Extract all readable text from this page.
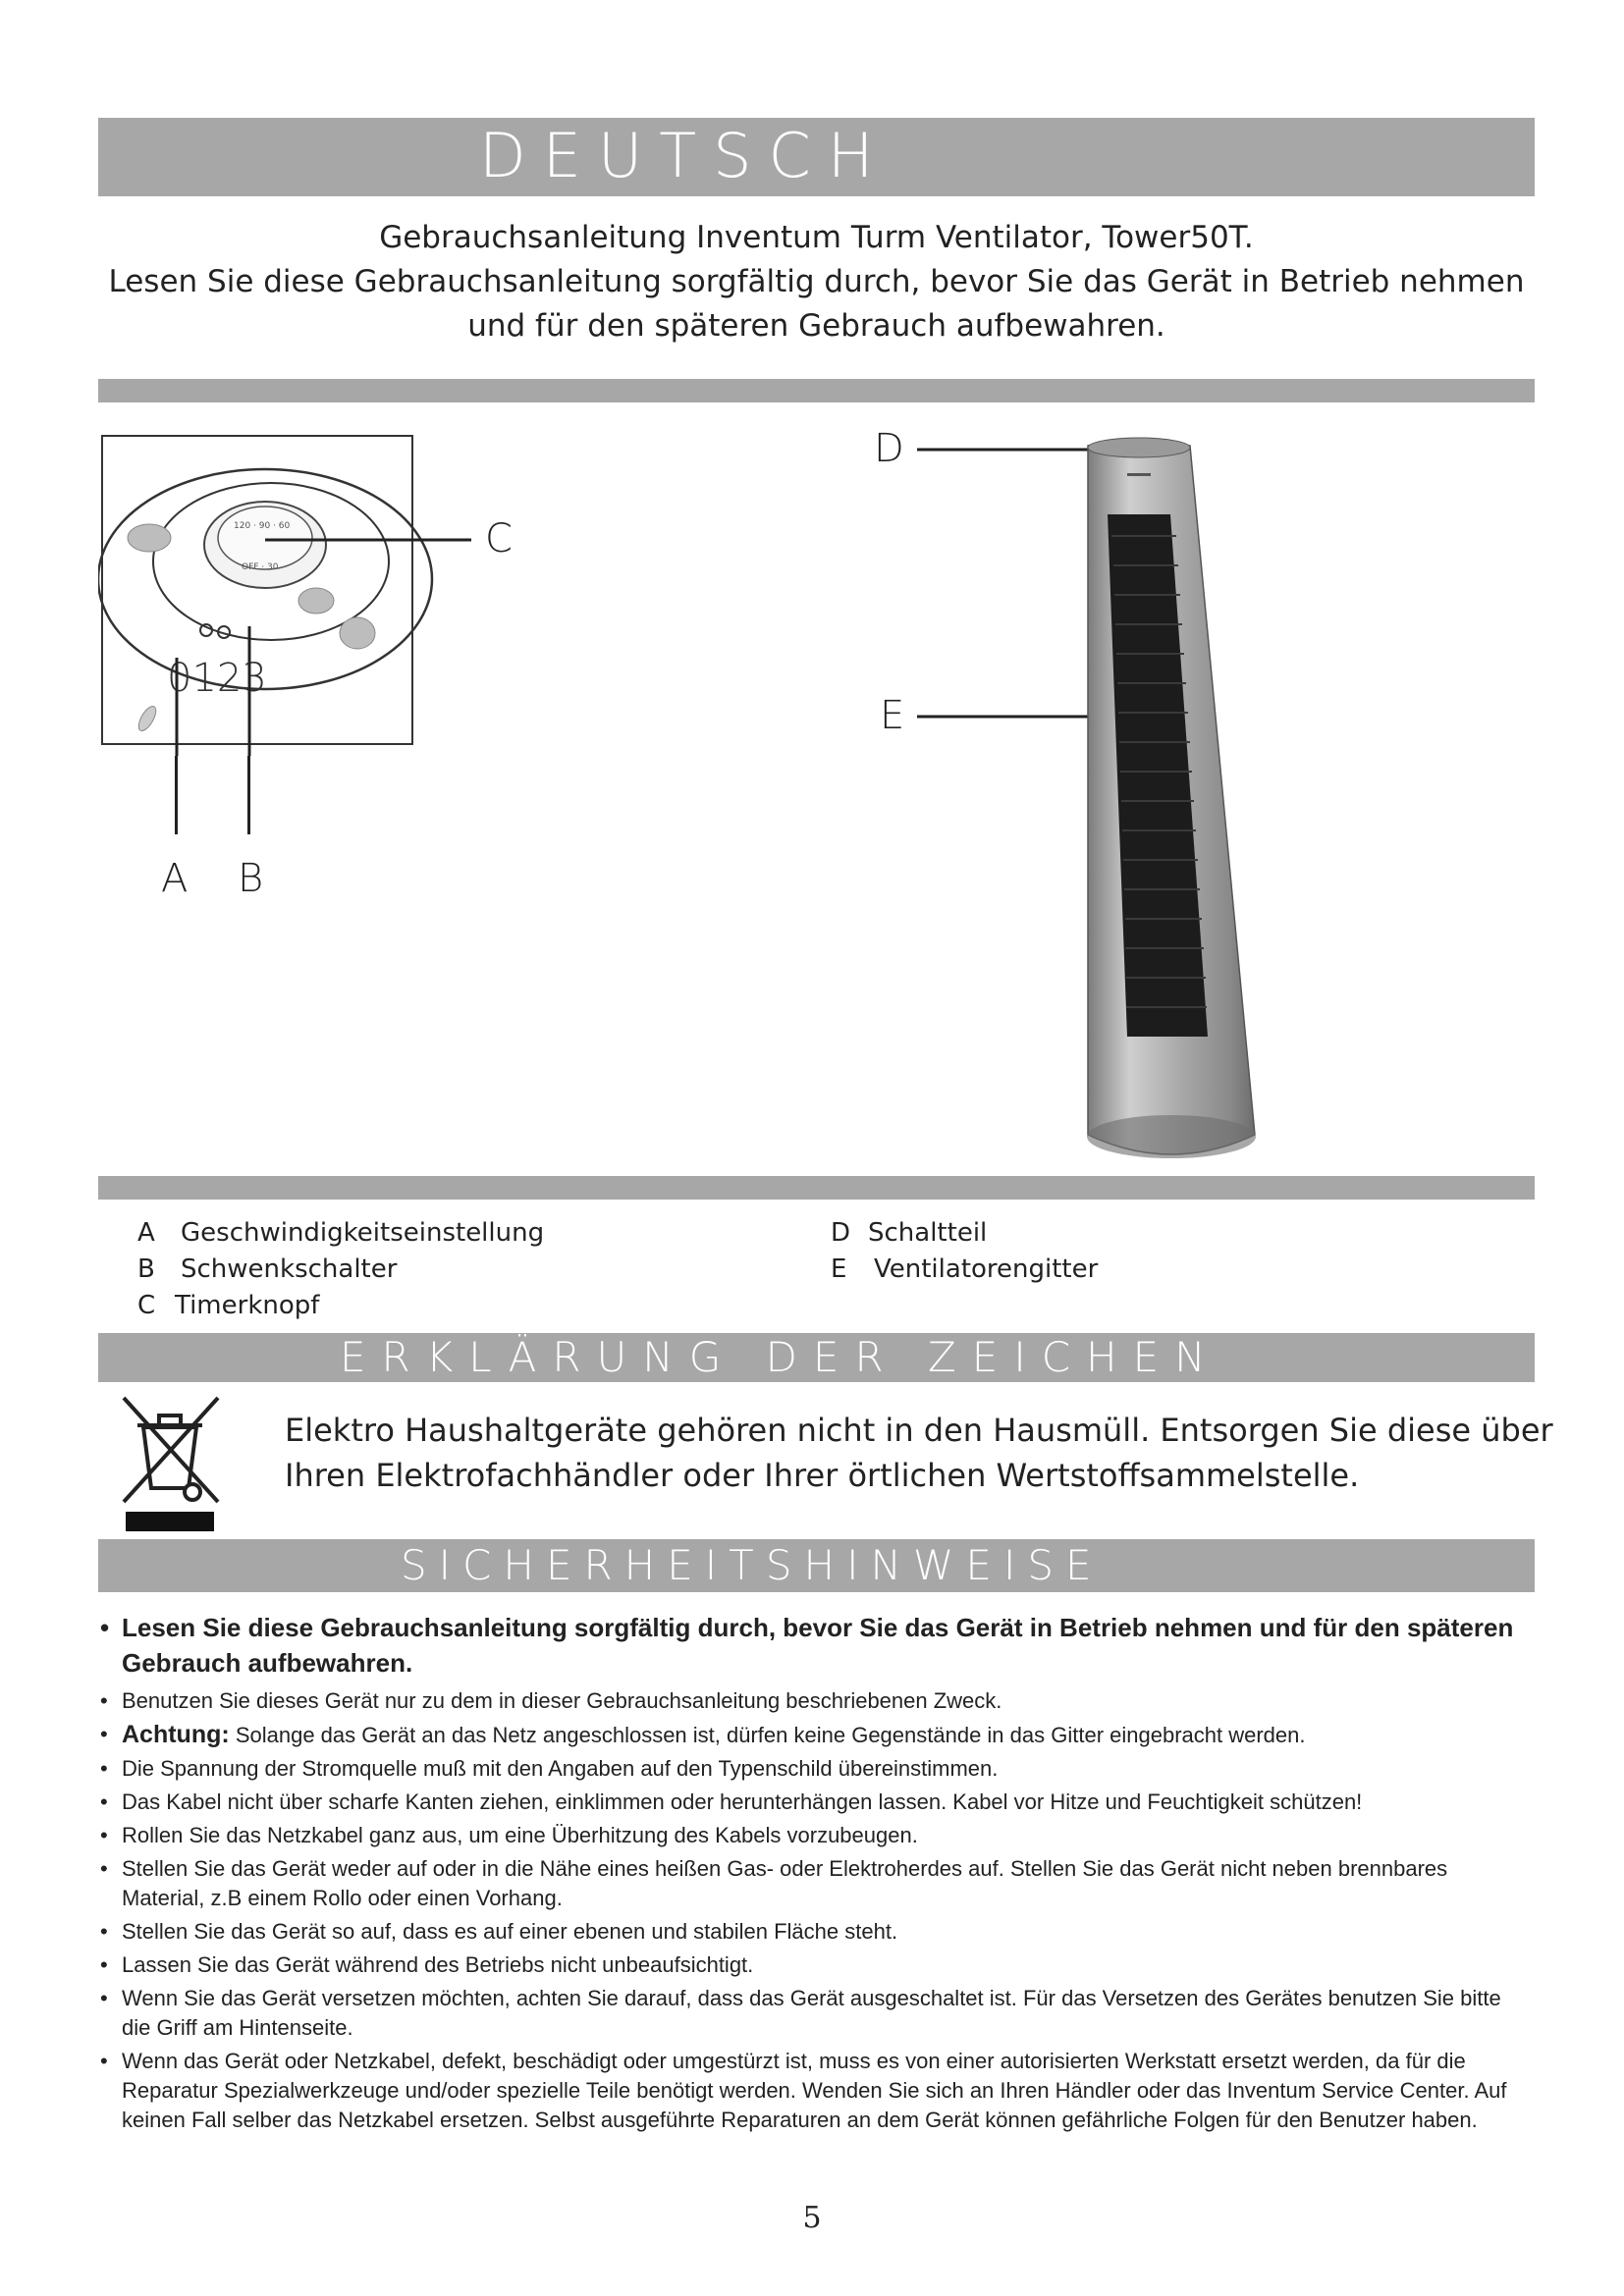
DEUTSCH
Gebrauchsanleitung Inventum Turm Ventilator, Tower50T.
Lesen Sie diese Gebrauchsanleitung sorgfältig durch, bevor Sie das Gerät in Betrieb nehmen
und für den späteren Gebrauch aufbewahren.
120 · 90 · 60
OFF · 30
0123
C
A B
D
E
A	Geschwindigkeitseinstellung
B	Schwenkschalter
C Timerknopf
D Schaltteil
E	Ventilatorengitter
ERKLÄRUNG DER ZEICHEN
Elektro Haushaltgeräte gehören nicht in den Hausmüll. Entsorgen Sie diese über
Ihren Elektrofachhändler oder Ihrer örtlichen Wertstoffsammelstelle.
SICHERHEITSHINWEISE
• Lesen Sie diese Gebrauchsanleitung sorgfältig durch, bevor Sie das Gerät in Betrieb nehmen und für den späteren Gebrauch aufbewahren.
• Benutzen Sie dieses Gerät nur zu dem in dieser Gebrauchsanleitung beschriebenen Zweck.
• Achtung: Solange das Gerät an das Netz angeschlossen ist, dürfen keine Gegenstände in das Gitter eingebracht werden.
• Die Spannung der Stromquelle muß mit den Angaben auf den Typenschild übereinstimmen.
• Das Kabel nicht über scharfe Kanten ziehen, einklimmen oder herunterhängen lassen. Kabel vor Hitze und Feuchtigkeit schützen!
• Rollen Sie das Netzkabel ganz aus, um eine Überhitzung des Kabels vorzubeugen.
• Stellen Sie das Gerät weder auf oder in die Nähe eines heißen Gas- oder Elektroherdes auf. Stellen Sie das Gerät nicht neben brennbares Material, z.B einem Rollo oder einen Vorhang.
• Stellen Sie das Gerät so auf, dass es auf einer ebenen und stabilen Fläche steht.
• Lassen Sie das Gerät während des Betriebs nicht unbeaufsichtigt.
• Wenn Sie das Gerät versetzen möchten, achten Sie darauf, dass das Gerät ausgeschaltet ist. Für das Versetzen des Gerätes benutzen Sie bitte die Griff am Hintenseite.
• Wenn das Gerät oder Netzkabel, defekt, beschädigt oder umgestürzt ist, muss es von einer autorisierten Werkstatt ersetzt werden, da für die Reparatur Spezialwerkzeuge und/oder spezielle Teile benötigt werden. Wenden Sie sich an Ihren Händler oder das Inventum Service Center. Auf keinen Fall selber das Netzkabel ersetzen. Selbst ausgeführte Reparaturen an dem Gerät können gefährliche Folgen für den Benutzer haben.
5
